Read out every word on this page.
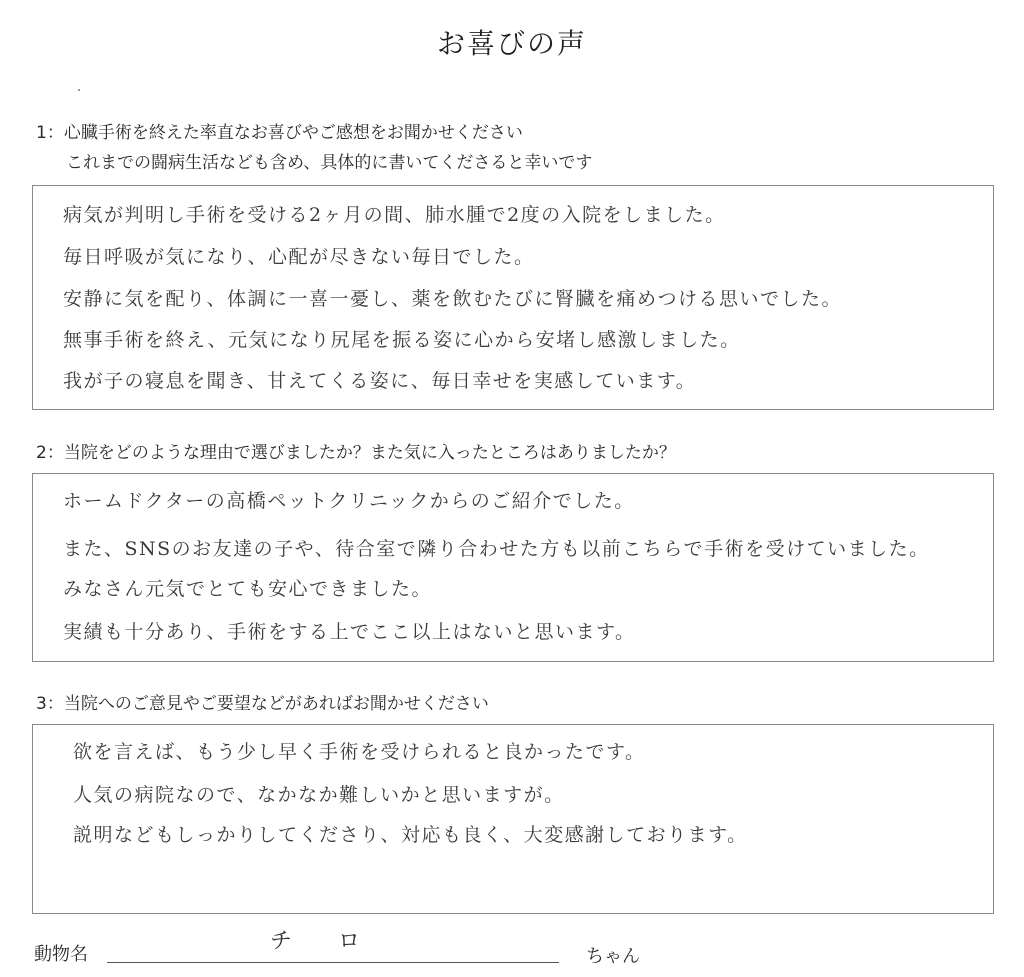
お喜びの声
1：心臓手術を終えた率直なお喜びやご感想をお聞かせください
これまでの闘病生活なども含め、具体的に書いてくださると幸いです
病気が判明し手術を受ける2ヶ月の間、肺水腫で2度の入院をしました。
毎日呼吸が気になり、心配が尽きない毎日でした。
安静に気を配り、体調に一喜一憂し、薬を飲むたびに腎臓を痛めつける思いでした。
無事手術を終え、元気になり尻尾を振る姿に心から安堵し感激しました。
我が子の寝息を聞き、甘えてくる姿に、毎日幸せを実感しています。
2：当院をどのような理由で選びましたか？また気に入ったところはありましたか？
ホームドクターの高橋ペットクリニックからのご紹介でした。
また、SNSのお友達の子や、待合室で隣り合わせた方も以前こちらで手術を受けていました。
みなさん元気でとても安心できました。
実績も十分あり、手術をする上でここ以上はないと思います。
3：当院へのご意見やご要望などがあればお聞かせください
欲を言えば、もう少し早く手術を受けられると良かったです。
人気の病院なので、なかなか難しいかと思いますが。
説明などもしっかりしてくださり、対応も良く、大変感謝しております。
動物名
チロ
ちゃん
